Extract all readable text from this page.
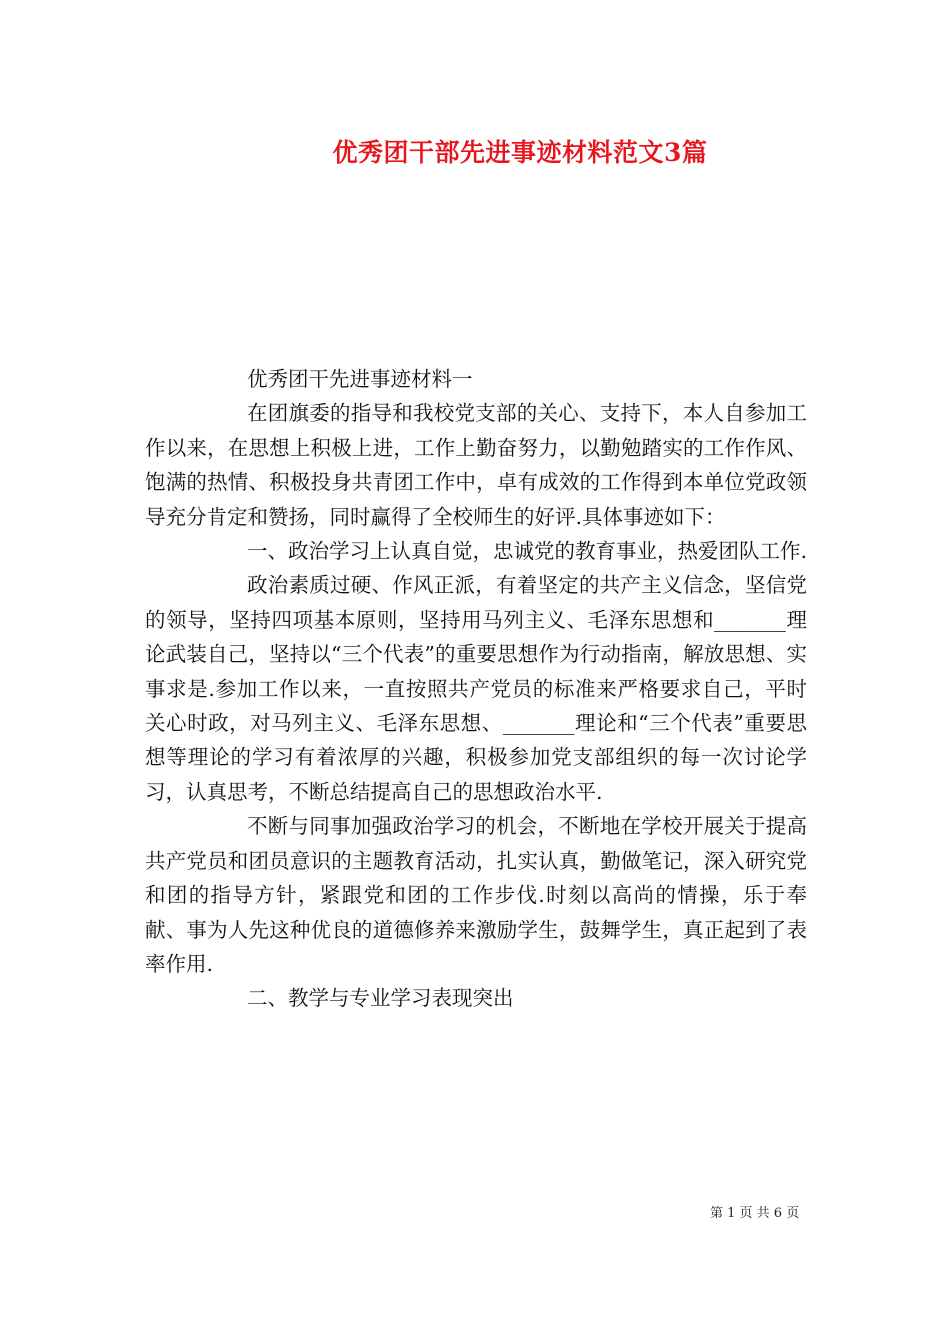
优秀团干部先进事迹材料范文3篇

优秀团干先进事迹材料一

在团旗委的指导和我校党支部的关心、支持下，本人自参加工作以来，在思想上积极上进，工作上勤奋努力，以勤勉踏实的工作作风、饱满的热情、积极投身共青团工作中，卓有成效的工作得到本单位党政领导充分肯定和赞扬，同时赢得了全校师生的好评.具体事迹如下：

一、政治学习上认真自觉，忠诚党的教育事业，热爱团队工作.

政治素质过硬、作风正派，有着坚定的共产主义信念，坚信党的领导，坚持四项基本原则，坚持用马列主义、毛泽东思想和_______理论武装自己，坚持以“三个代表”的重要思想作为行动指南，解放思想、实事求是.参加工作以来，一直按照共产党员的标准来严格要求自己，平时关心时政，对马列主义、毛泽东思想、_______理论和“三个代表”重要思想等理论的学习有着浓厚的兴趣，积极参加党支部组织的每一次讨论学习，认真思考，不断总结提高自己的思想政治水平.

不断与同事加强政治学习的机会，不断地在学校开展关于提高共产党员和团员意识的主题教育活动，扎实认真，勤做笔记，深入研究党和团的指导方针，紧跟党和团的工作步伐.时刻以高尚的情操，乐于奉献、事为人先这种优良的道德修养来激励学生，鼓舞学生，真正起到了表率作用.

二、教学与专业学习表现突出

第 1 页 共 6 页
